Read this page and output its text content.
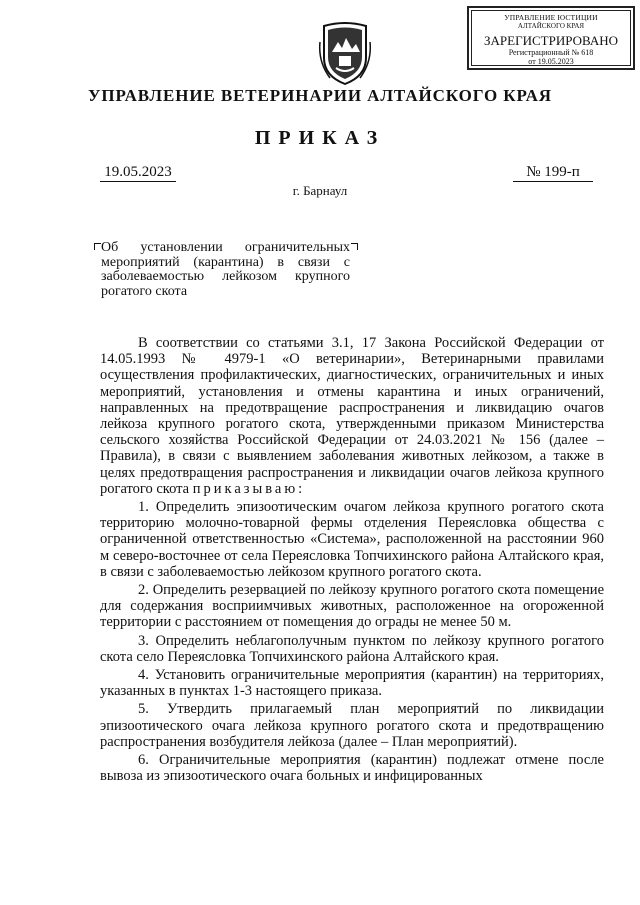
УПРАВЛЕНИЕ ЮСТИЦИИ
АЛТАЙСКОГО КРАЯ
ЗАРЕГИСТРИРОВАНО
Регистрационный № 618
от 19.05.2023
УПРАВЛЕНИЕ ВЕТЕРИНАРИИ АЛТАЙСКОГО КРАЯ
ПРИКАЗ
19.05.2023	№ 199-п
г. Барнаул
Об установлении ограничительных мероприятий (карантина) в связи с заболеваемостью лейкозом крупного рогатого скота

В соответствии со статьями 3.1, 17 Закона Российской Федерации от 14.05.1993 № 4979-1 «О ветеринарии», Ветеринарными правилами осуществления профилактических, диагностических, ограничительных и иных мероприятий, установления и отмены карантина и иных ограничений, направленных на предотвращение распространения и ликвидацию очагов лейкоза крупного рогатого скота, утвержденными приказом Министерства сельского хозяйства Российской Федерации от 24.03.2021 № 156 (далее – Правила), в связи с выявлением заболевания животных лейкозом, а также в целях предотвращения распространения и ликвидации очагов лейкоза крупного рогатого скота приказываю:

1. Определить эпизоотическим очагом лейкоза крупного рогатого скота территорию молочно-товарной фермы отделения Переясловка общества с ограниченной ответственностью «Система», расположенной на расстоянии 960 м северо-восточнее от села Переясловка Топчихинского района Алтайского края, в связи с заболеваемостью лейкозом крупного рогатого скота.

2. Определить резервацией по лейкозу крупного рогатого скота помещение для содержания восприимчивых животных, расположенное на огороженной территории с расстоянием от помещения до ограды не менее 50 м.

3. Определить неблагополучным пунктом по лейкозу крупного рогатого скота село Переясловка Топчихинского района Алтайского края.

4. Установить ограничительные мероприятия (карантин) на территориях, указанных в пунктах 1-3 настоящего приказа.

5. Утвердить прилагаемый план мероприятий по ликвидации эпизоотического очага лейкоза крупного рогатого скота и предотвращению распространения возбудителя лейкоза (далее – План мероприятий).

6. Ограничительные мероприятия (карантин) подлежат отмене после вывоза из эпизоотического очага больных и инфицированных
